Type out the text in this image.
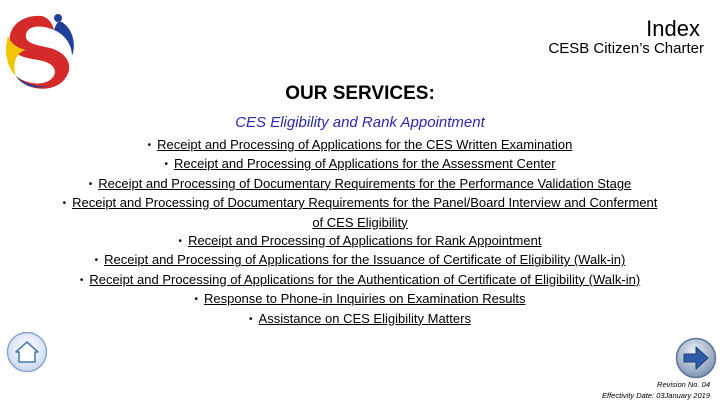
Index
CESB Citizen’s Charter
OUR SERVICES:
CES Eligibility and Rank Appointment
• Receipt and Processing of Applications for the CES Written Examination
• Receipt and Processing of Applications for the Assessment Center
• Receipt and Processing of Documentary Requirements for the Performance Validation Stage
• Receipt and Processing of Documentary Requirements for the Panel/Board Interview and Conferment of CES Eligibility
• Receipt and Processing of Applications for Rank Appointment
• Receipt and Processing of Applications for the Issuance of Certificate of Eligibility (Walk-in)
• Receipt and Processing of Applications for the Authentication of Certificate of Eligibility (Walk-in)
• Response to Phone-in Inquiries on Examination Results
• Assistance on CES Eligibility Matters
Revision No. 04
Effectivity Date: 03January 2019
